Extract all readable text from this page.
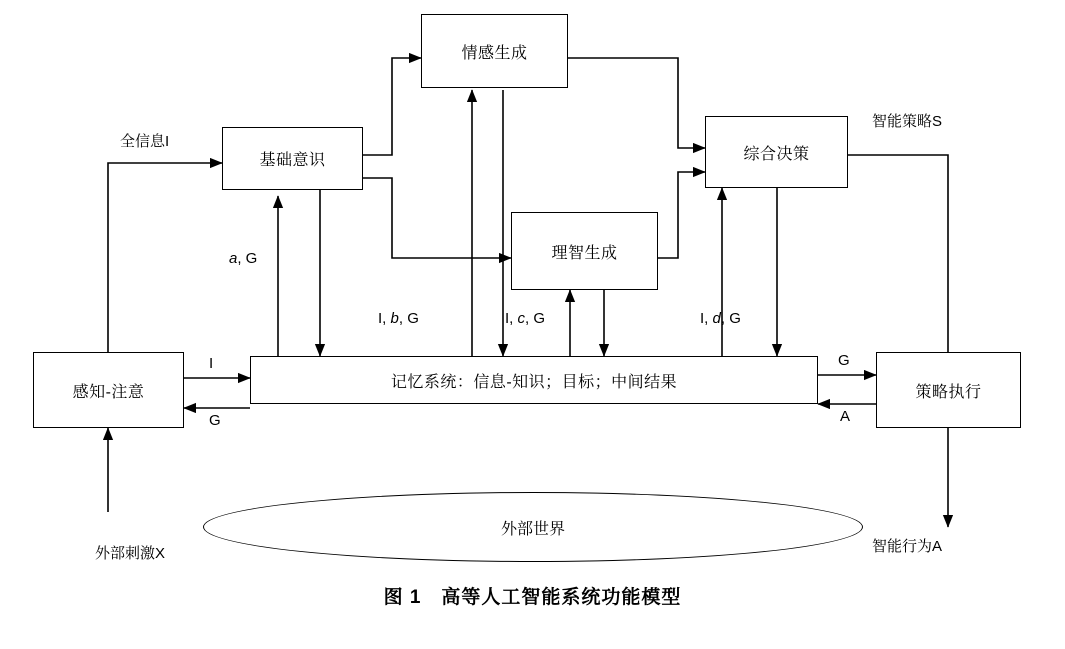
情感生成
基础意识
理智生成
综合决策
感知-注意
记忆系统：信息-知识；目标；中间结果
策略执行
外部世界
全信息I
智能策略S
a, G
I, b, G	I, c, G	I, d, G
I
G
G
A
外部刺激X	智能行为A
图 1　高等人工智能系统功能模型
